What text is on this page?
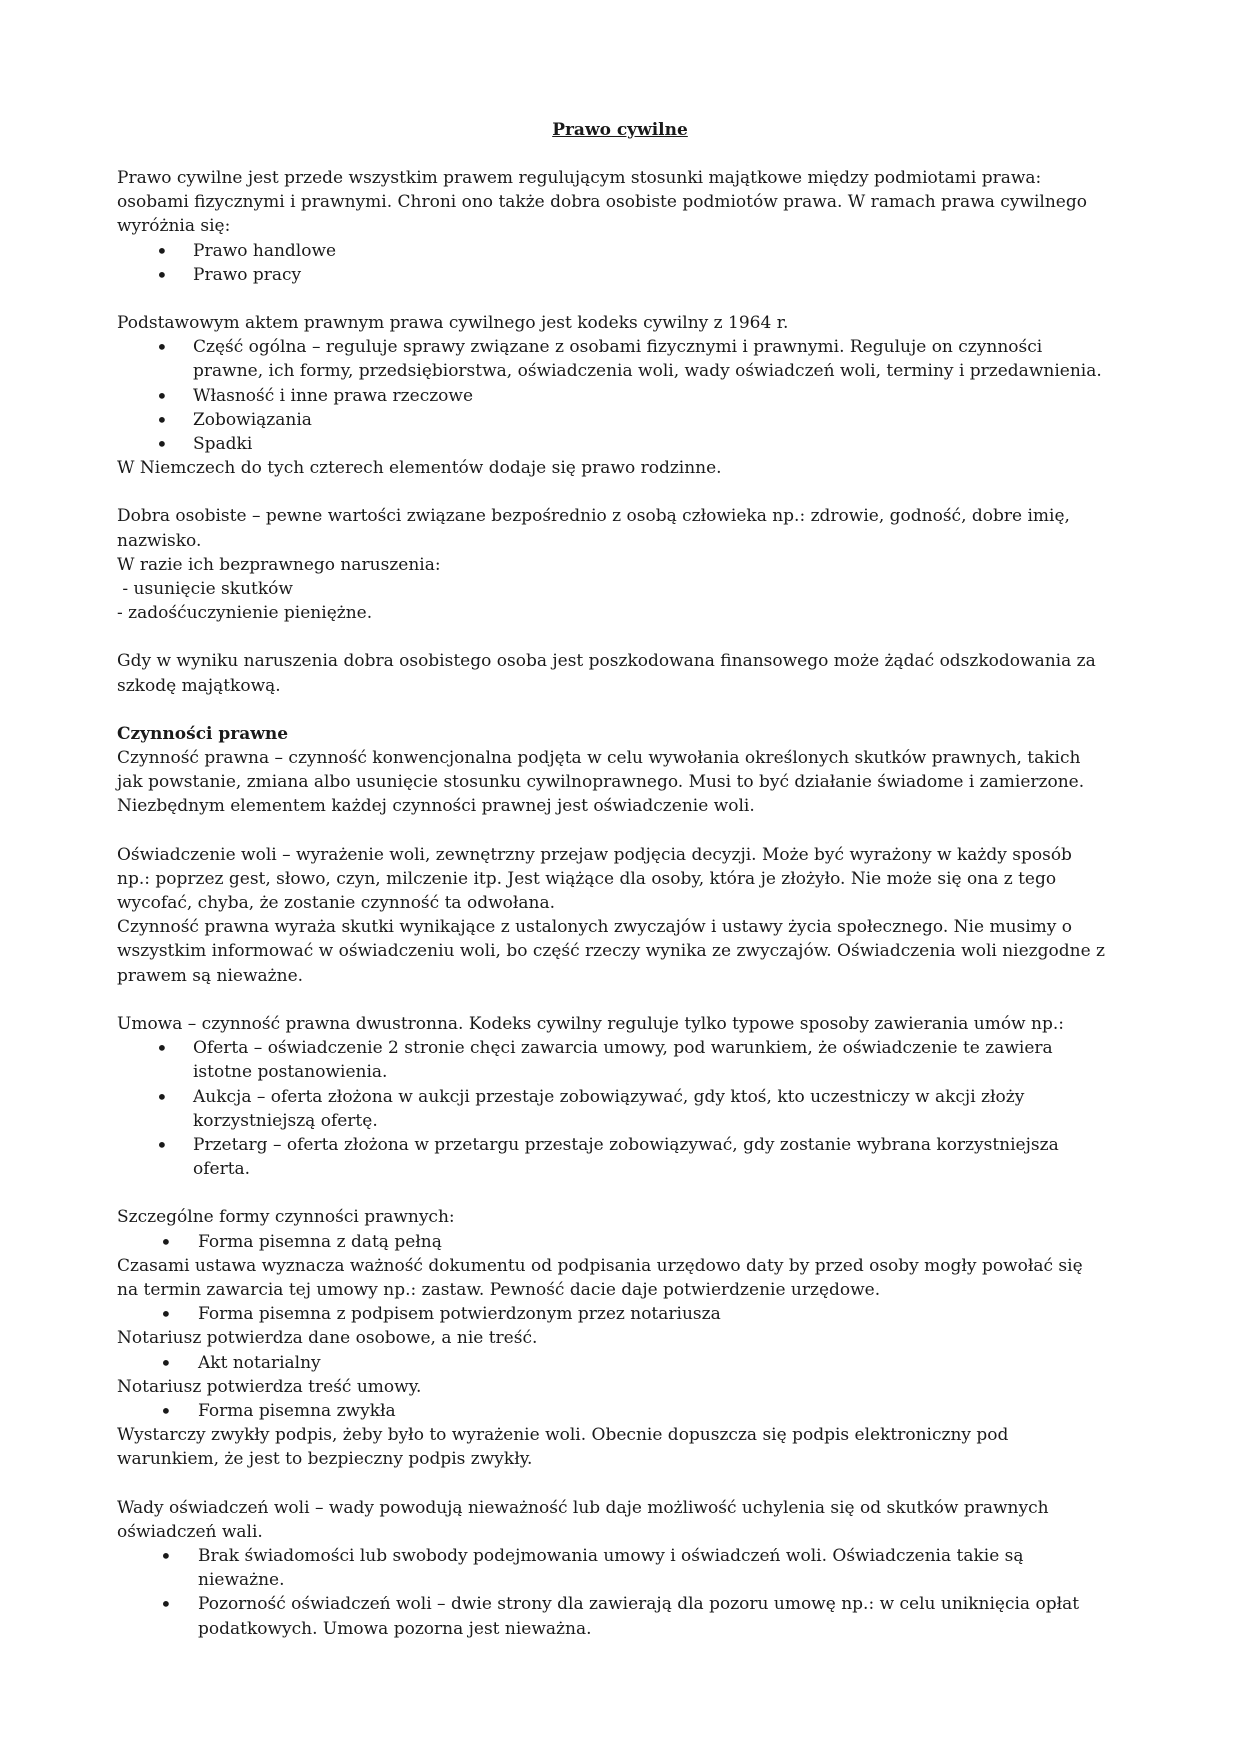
Prawo cywilne

Prawo cywilne jest przede wszystkim prawem regulującym stosunki majątkowe między podmiotami prawa: osobami fizycznymi i prawnymi. Chroni ono także dobra osobiste podmiotów prawa. W ramach prawa cywilnego wyróżnia się:

• Prawo handlowe
• Prawo pracy

Podstawowym aktem prawnym prawa cywilnego jest kodeks cywilny z 1964 r.

• Część ogólna – reguluje sprawy związane z osobami fizycznymi i prawnymi. Reguluje on czynności prawne, ich formy, przedsiębiorstwa, oświadczenia woli, wady oświadczeń woli, terminy i przedawnienia.
• Własność i inne prawa rzeczowe
• Zobowiązania
• Spadki

W Niemczech do tych czterech elementów dodaje się prawo rodzinne.

Dobra osobiste – pewne wartości związane bezpośrednio z osobą człowieka np.: zdrowie, godność, dobre imię, nazwisko.

W razie ich bezprawnego naruszenia:

- usunięcie skutków

- zadośćuczynienie pieniężne.

Gdy w wyniku naruszenia dobra osobistego osoba jest poszkodowana finansowego może żądać odszkodowania za szkodę majątkową.

Czynności prawne

Czynność prawna – czynność konwencjonalna podjęta w celu wywołania określonych skutków prawnych, takich jak powstanie, zmiana albo usunięcie stosunku cywilnoprawnego. Musi to być działanie świadome i zamierzone. Niezbędnym elementem każdej czynności prawnej jest oświadczenie woli.

Oświadczenie woli – wyrażenie woli, zewnętrzny przejaw podjęcia decyzji. Może być wyrażony w każdy sposób np.: poprzez gest, słowo, czyn, milczenie itp. Jest wiążące dla osoby, która je złożyło. Nie może się ona z tego wycofać, chyba, że zostanie czynność ta odwołana.

Czynność prawna wyraża skutki wynikające z ustalonych zwyczajów i ustawy życia społecznego. Nie musimy o wszystkim informować w oświadczeniu woli, bo część rzeczy wynika ze zwyczajów. Oświadczenia woli niezgodne z prawem są nieważne.

Umowa – czynność prawna dwustronna. Kodeks cywilny reguluje tylko typowe sposoby zawierania umów np.:

• Oferta – oświadczenie 2 stronie chęci zawarcia umowy, pod warunkiem, że oświadczenie te zawiera istotne postanowienia.
• Aukcja – oferta złożona w aukcji przestaje zobowiązywać, gdy ktoś, kto uczestniczy w akcji złoży korzystniejszą ofertę.
• Przetarg – oferta złożona w przetargu przestaje zobowiązywać, gdy zostanie wybrana korzystniejsza oferta.

Szczególne formy czynności prawnych:

• Forma pisemna z datą pełną

Czasami ustawa wyznacza ważność dokumentu od podpisania urzędowo daty by przed osoby mogły powołać się na termin zawarcia tej umowy np.: zastaw. Pewność dacie daje potwierdzenie urzędowe.

• Forma pisemna z podpisem potwierdzonym przez notariusza

Notariusz potwierdza dane osobowe, a nie treść.

• Akt notarialny

Notariusz potwierdza treść umowy.

• Forma pisemna zwykła

Wystarczy zwykły podpis, żeby było to wyrażenie woli. Obecnie dopuszcza się podpis elektroniczny pod warunkiem, że jest to bezpieczny podpis zwykły.

Wady oświadczeń woli – wady powodują nieważność lub daje możliwość uchylenia się od skutków prawnych oświadczeń wali.

• Brak świadomości lub swobody podejmowania umowy i oświadczeń woli. Oświadczenia takie są nieważne.
• Pozorność oświadczeń woli – dwie strony dla zawierają dla pozoru umowę np.: w celu uniknięcia opłat podatkowych. Umowa pozorna jest nieważna.
